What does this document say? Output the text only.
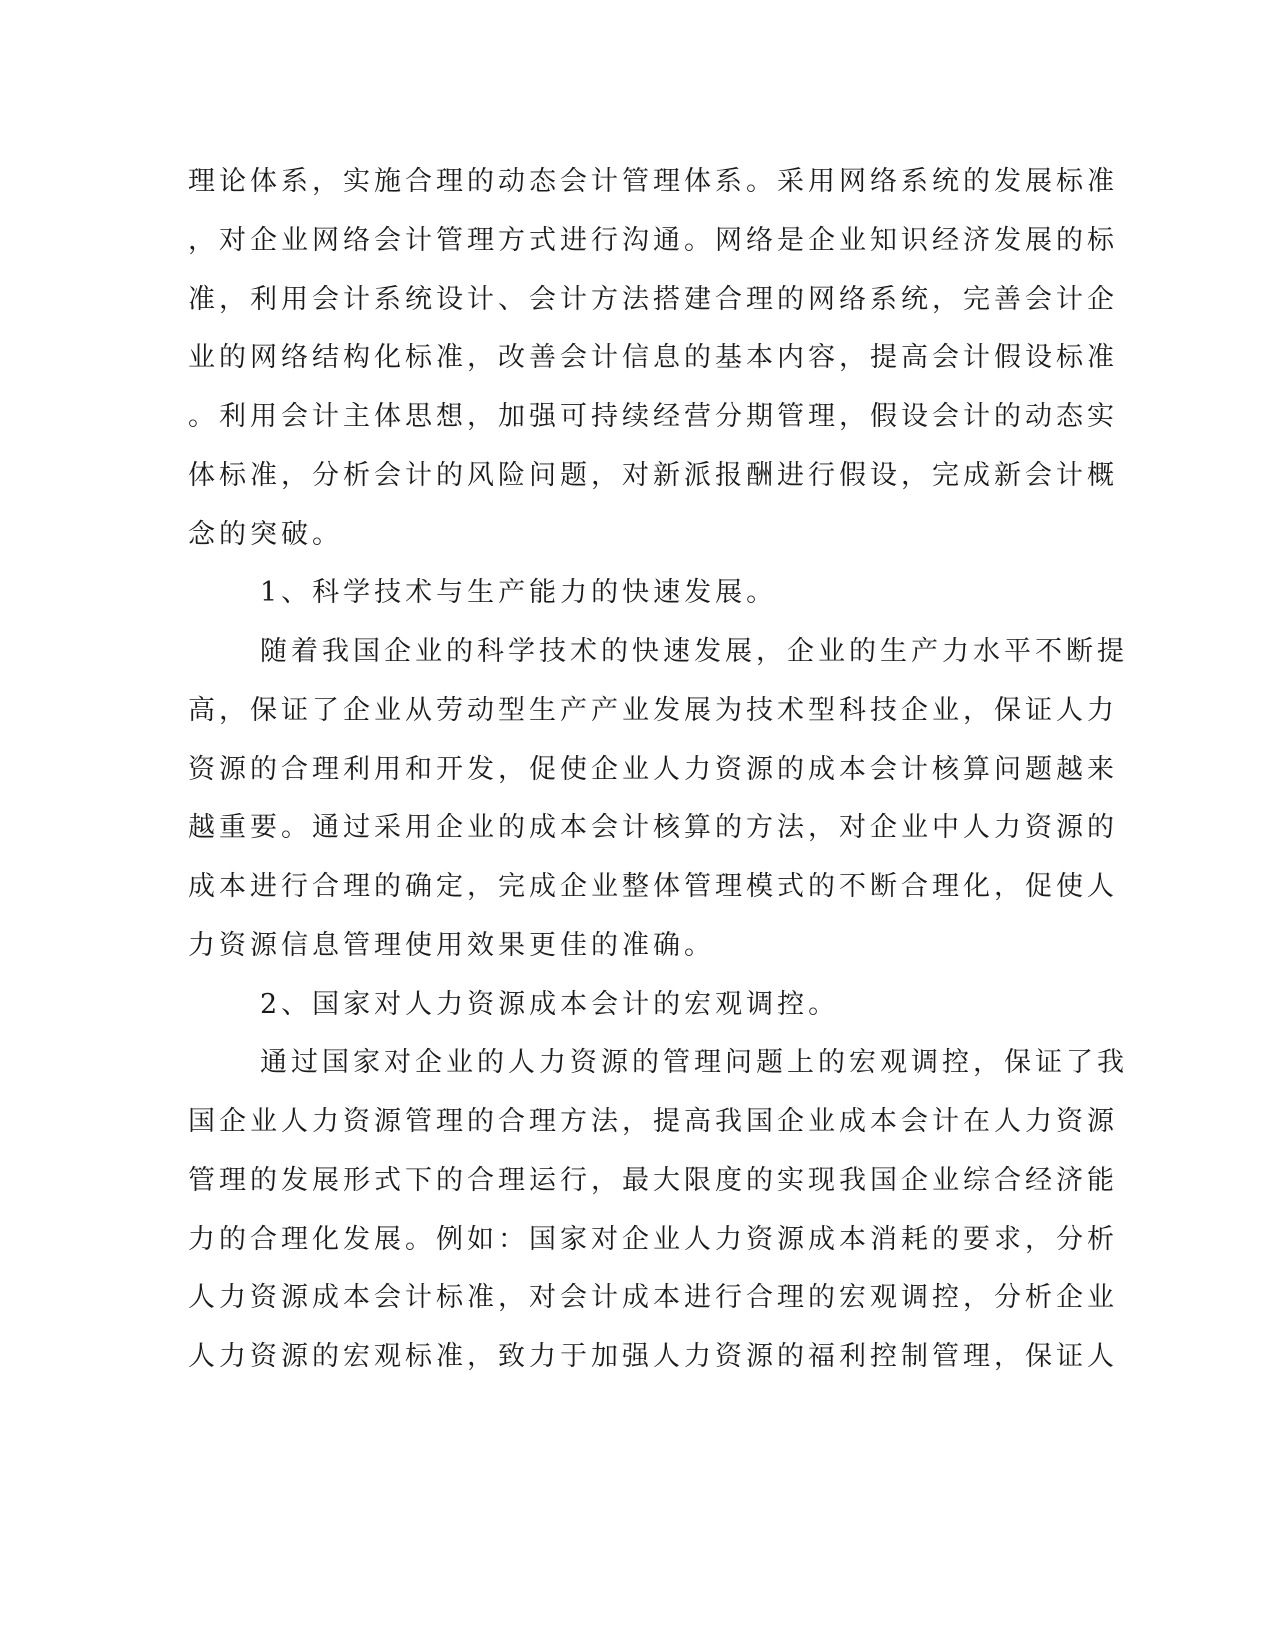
理论体系，实施合理的动态会计管理体系。采用网络系统的发展标准
，对企业网络会计管理方式进行沟通。网络是企业知识经济发展的标
准，利用会计系统设计、会计方法搭建合理的网络系统，完善会计企
业的网络结构化标准，改善会计信息的基本内容，提高会计假设标准
。利用会计主体思想，加强可持续经营分期管理，假设会计的动态实
体标准，分析会计的风险问题，对新派报酬进行假设，完成新会计概
念的突破。
1、科学技术与生产能力的快速发展。
随着我国企业的科学技术的快速发展，企业的生产力水平不断提
高，保证了企业从劳动型生产产业发展为技术型科技企业，保证人力
资源的合理利用和开发，促使企业人力资源的成本会计核算问题越来
越重要。通过采用企业的成本会计核算的方法，对企业中人力资源的
成本进行合理的确定，完成企业整体管理模式的不断合理化，促使人
力资源信息管理使用效果更佳的准确。
2、国家对人力资源成本会计的宏观调控。
通过国家对企业的人力资源的管理问题上的宏观调控，保证了我
国企业人力资源管理的合理方法，提高我国企业成本会计在人力资源
管理的发展形式下的合理运行，最大限度的实现我国企业综合经济能
力的合理化发展。例如：国家对企业人力资源成本消耗的要求，分析
人力资源成本会计标准，对会计成本进行合理的宏观调控，分析企业
人力资源的宏观标准，致力于加强人力资源的福利控制管理，保证人
